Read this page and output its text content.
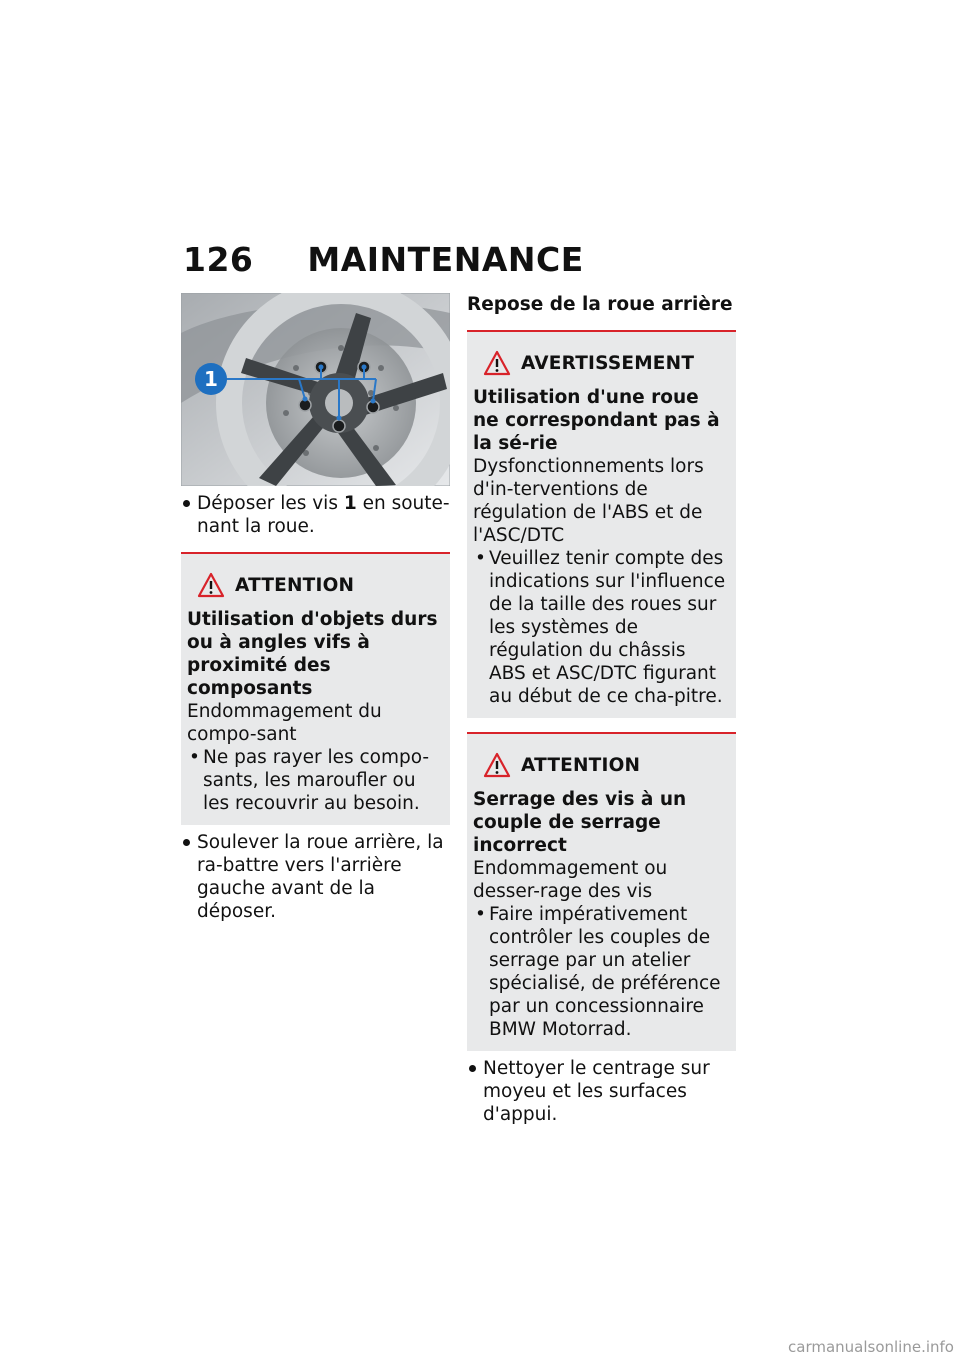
126 MAINTENANCE
1
Déposer les vis 1 en soute-nant la roue.
ATTENTION
Utilisation d'objets durs ou à angles vifs à proximité des composants
Endommagement du compo-sant
• Ne pas rayer les compo-sants, les maroufler ou les recouvrir au besoin.
Soulever la roue arrière, la ra-battre vers l'arrière gauche avant de la déposer.
Repose de la roue arrière
AVERTISSEMENT
Utilisation d'une roue ne correspondant pas à la sé-rie
Dysfonctionnements lors d'in-terventions de régulation de l'ABS et de l'ASC/DTC
• Veuillez tenir compte des indications sur l'influence de la taille des roues sur les systèmes de régulation du châssis ABS et ASC/DTC figurant au début de ce cha-pitre.
ATTENTION
Serrage des vis à un couple de serrage incorrect
Endommagement ou desser-rage des vis
• Faire impérativement contrôler les couples de serrage par un atelier spécialisé, de préférence par un concessionnaire BMW Motorrad.
Nettoyer le centrage sur moyeu et les surfaces d'appui.
carmanualsonline.info
